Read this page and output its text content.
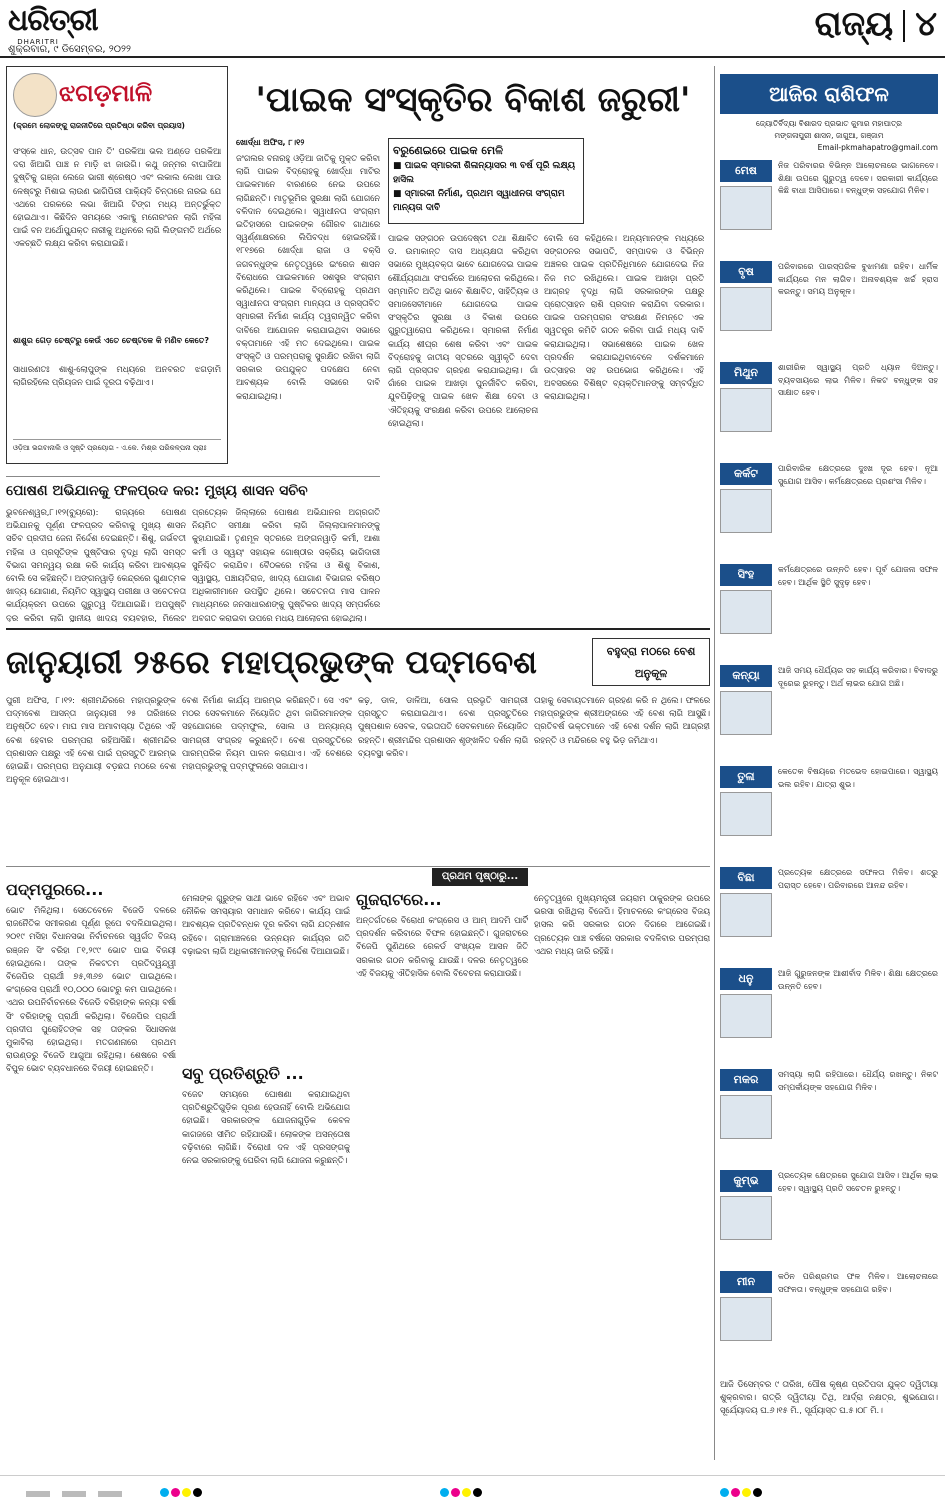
ଧରିତ୍ରୀ
DHARITRI
ଶୁକ୍ରବାର, ୯ ଡିସେମ୍ବର, ୨୦୨୨
ରାଜ୍ୟ ୪
ଝଗଡ଼ମାଳି
(କ୍ରମେ ଲୋକଙ୍କୁ ରାଜନୀତିରେ ପ୍ରତିଷ୍ଠା କରିବା ପ୍ରୟାସ)
ସଂସ୍କେ ଧାନ, ଉତ୍ସବ ପାନ ତି' ପରକିଆ ଭଲ ଅଣ୍ଡେ ପରକିଆ ଦରା ଖିଆଗି ପାଞ୍ଚ ନ ମାଡ଼ି ଝା ଜାଉଗି। କଥୁ ଜନ୍ମର ବାଘାଜିଆ ଦୁଷ୍ଟିକୁ ଗଞ୍ଜା ଲେଜେ ଭାରୀ ଶ୍ରେଷ୍ଠ ଏବଂ ଲକାଲ ଲେଖା ପାଉ ଳେଷ୍ଟରୁ ମିଶାଇ ଲାଉଣ ଭାଗିପିରୀ ପାକ୍ୟିଦି ଚିନ୍ତାରେ ନାରଇ ଯେ ଏଥରେ ପରକରେ ଲଭା ଖିଆଗି ଟିଙ୍ଗ ମଧ୍ୟ ଅନ୍ତର୍ଭୁକ୍ତ ହୋଇଥାଏ। କିଛିଦିନ ସମୟରେ ଏକାବ୍ଦୁ ମନୋରଂଜନ ଲାଗି ମହିଳା ପାଇଁ ବନ ଅର୍ଥୋପ୍ଯୁକ୍ତ ନାରୀକୁ ଅଧିନରେ ଲାଗି ଲିଙ୍ଗମତି ଅର୍ଥରେ ଏକଚ୍ଛତି ଲକ୍ଷ୍ଯ କରିବା କରାଯାଇଛି।
ଶାଶୁର ଗେଡ଼ ଚେଷ୍ଟରୁ କେଉଁ ଏତେ ଚେଷ୍ଟକେ କି ମଣିବ କେତେ?
ସାଧାରଣତଃ ଶାଶୁ-ଲୋପୁଙ୍କ ମଧ୍ୟରେ ଅନବରତ ଝଗଡ଼ାମି ଲାଗିରହିଲେ ପ୍ରିୟଜନ ପାଇଁ ଦୂରତା ବଢ଼ିଥାଏ।
ଓଡ଼ିଆ ଭଗବାନାଲି ଓ ସୃଷ୍ଟି ପ୍ରୟୋଗ - ଏ.କେ. ମିଶ୍ର ପରିକଳ୍ପନା ପ୍ରାଃ
'ପାଇକ ସଂସ୍କୃତିର ବିକାଶ ଜରୁରୀ'
ଖୋର୍ଦ୍ଧା ଅଫିସ, ୮।୧୨
ଜଂଗଲର ବନାରହୁ ଓଡ଼ିଆ ଜାତିକୁ ମୁକ୍ତ କରିବା ଲାଗି ପାଇକ ବିଦ୍ରୋହକୁ ଖୋର୍ଦ୍ଧା ମାଟିର ପାଇକମାନେ ବାରଣରେ ନେଇ ଉପରେ ଲାଗିଛନ୍ତି। ମାତୃଭୂମିର ସୁରକ୍ଷା ଲାଗି ଯୋଗନେ ବଳିଦାନ ଦେଇଥିଲେ। ସ୍ୱାଧୀନତା ସଂଗ୍ରାମ ଇତିହାସରେ ପାଇକଙ୍କ ଗୌରବ ଗାଥାରେ ସ୍ୱର୍ଣ୍ଣାକ୍ଷରରେ ଲିପିବଦ୍ଧ ହୋଇରହିଛି। ୧୮୧୭ରେ ଖୋର୍ଦ୍ଧା ରାଜା ଓ ବକ୍ସି ଜଗବନ୍ଧୁଙ୍କ ନେତୃତ୍ୱରେ ଇଂରେଜ ଶାସନ ବିରୋଧରେ ପାଇକମାନେ ସଶସ୍ତ୍ର ସଂଗ୍ରାମ କରିଥିଲେ। ପାଇକ ବିଦ୍ରୋହକୁ ପ୍ରଥମ ସ୍ୱାଧୀନତା ସଂଗ୍ରାମ ମାନ୍ୟତା ଓ ପ୍ରସ୍ତାବିତ ସ୍ମାରକୀ ନିର୍ମାଣ କାର୍ଯ୍ୟ ତ୍ୱରାନ୍ୱିତ କରିବା ଦାବିରେ ଆଯୋଜନ କରାଯାଇଥିବା ସଭାରେ ବକ୍ତାମାନେ ଏହି ମତ ଦେଇଥିଲେ। ପାଇକ ସଂସ୍କୃତି ଓ ପରମ୍ପରାକୁ ସୁରକ୍ଷିତ ରଖିବା ଲାଗି ସରକାର ଉପଯୁକ୍ତ ପଦକ୍ଷେପ ନେବା ଆବଶ୍ୟକ ବୋଲି ସଭାରେ ଦାବି କରାଯାଇଥିଲା।
ବରୁଣେଇରେ ପାଇକ ମେଳି
■ ପାଇକ ସ୍ମାରକୀ ଶିଳାନ୍ୟାସର ୩ ବର୍ଷ ପୂରି ଲକ୍ଷ୍ୟ ହାସିଲ
■ ସ୍ମାରକୀ ନିର୍ମାଣ, ପ୍ରଥମ ସ୍ୱାଧୀନତା ସଂଗ୍ରାମ ମାନ୍ୟତା ଦାବି
ପାଇକ ସଙ୍ଗଠନ ଉପଦେଷ୍ଟା ତଥା ଶିକ୍ଷାବିତ ଡ. ଉମାକାନ୍ତ ଦାସ ଅଧ୍ୟକ୍ଷତା କରିଥିବା ସଭାରେ ମୁଖ୍ୟବକ୍ତା ଭାବେ ଯୋଗଦେଇ ପାଇକ ଶୌର୍ଯ୍ୟଗାଥା ସଂପର୍କରେ ଆଲୋଚନା କରିଥିଲେ। ସମ୍ମାନିତ ଅତିଥି ଭାବେ ଶିକ୍ଷାବିତ, ସାହିତ୍ୟିକ ଓ ସମାଜସେବୀମାନେ ଯୋଗଦେଇ ପାଇକ ସଂସ୍କୃତିର ସୁରକ୍ଷା ଓ ବିକାଶ ଉପରେ ଗୁରୁତ୍ୱାରୋପ କରିଥିଲେ। ସ୍ମାରକୀ ନିର୍ମାଣ କାର୍ଯ୍ୟ ଶୀଘ୍ର ଶେଷ କରିବା ଏବଂ ପାଇକ ବିଦ୍ରୋହକୁ ଜାତୀୟ ସ୍ତରରେ ସ୍ୱୀକୃତି ଦେବା ଲାଗି ପ୍ରସ୍ତାବ ଗ୍ରହଣ କରାଯାଇଥିଲା। ଗାଁ ଗାଁରେ ପାଇକ ଆଖଡ଼ା ପୁନର୍ଜୀବିତ କରିବା, ଯୁବପିଢ଼ିଙ୍କୁ ପାଇକ ଖେଳ ଶିକ୍ଷା ଦେବା ଓ ଐତିହ୍ୟକୁ ସଂରକ୍ଷଣ କରିବା ଉପରେ ଆଲୋଚନା ହୋଇଥିଲା।
ବୋଲି ସେ କହିଥିଲେ। ଅନ୍ୟମାନଙ୍କ ମଧ୍ୟରେ ସଙ୍ଗଠନର ସଭାପତି, ସମ୍ପାଦକ ଓ ବିଭିନ୍ନ ଅଞ୍ଚଳର ପାଇକ ପ୍ରତିନିଧିମାନେ ଯୋଗଦେଇ ନିଜ ନିଜ ମତ ରଖିଥିଲେ। ପାଇକ ଆଖଡ଼ା ପ୍ରତି ଆଗ୍ରହ ବୃଦ୍ଧି ଲାଗି ସରକାରଙ୍କ ପକ୍ଷରୁ ପ୍ରୋତ୍ସାହନ ରାଶି ପ୍ରଦାନ କରାଯିବା ଦରକାର। ପାଇକ ପରମ୍ପରାର ସଂରକ୍ଷଣ ନିମନ୍ତେ ଏକ ସ୍ୱତନ୍ତ୍ର କମିଟି ଗଠନ କରିବା ପାଇଁ ମଧ୍ୟ ଦାବି କରାଯାଇଥିଲା। ସଭାଶେଷରେ ପାଇକ ଖେଳ ପ୍ରଦର୍ଶନ କରାଯାଇଥିବାବେଳେ ଦର୍ଶକମାନେ ଉତ୍ସାହର ସହ ଉପଭୋଗ କରିଥିଲେ। ଏହି ଅବସରରେ ବିଶିଷ୍ଟ ବ୍ୟକ୍ତିମାନଙ୍କୁ ସମ୍ବର୍ଦ୍ଧିତ କରାଯାଇଥିଲା।
ପୋଷଣ ଅଭିଯାନକୁ ଫଳପ୍ରଦ କର: ମୁଖ୍ୟ ଶାସନ ସଚିବ
ଭୁବନେଶ୍ୱର,୮।୧୨(ବ୍ୟୁରୋ): ରାଜ୍ୟରେ ପୋଷଣ ଅଭିଯାନକୁ ପୂର୍ଣ୍ଣ ଫଳପ୍ରଦ କରିବାକୁ ମୁଖ୍ୟ ଶାସନ ସଚିବ ପ୍ରଦୀପ ଜେନା ନିର୍ଦ୍ଦେଶ ଦେଇଛନ୍ତି। ଶିଶୁ, ଗର୍ଭବତୀ ମହିଳା ଓ ପ୍ରସୂତିଙ୍କ ପୁଷ୍ଟିସାର ବୃଦ୍ଧି ଲାଗି ସମସ୍ତ ବିଭାଗ ସମନ୍ୱୟ ରକ୍ଷା କରି କାର୍ଯ୍ୟ କରିବା ଆବଶ୍ୟକ ବୋଲି ସେ କହିଛନ୍ତି। ଅଙ୍ଗନୱାଡ଼ି କେନ୍ଦ୍ରରେ ଗୁଣାତ୍ମକ ଖାଦ୍ୟ ଯୋଗାଣ, ନିୟମିତ ସ୍ୱାସ୍ଥ୍ୟ ପରୀକ୍ଷା ଓ ସଚେତନତା କାର୍ଯ୍ୟକ୍ରମ ଉପରେ ଗୁରୁତ୍ୱ ଦିଆଯାଇଛି। ଅପପୁଷ୍ଟି ଦୂର କରିବା ଲାଗି ସ୍ଥାନୀୟ ଖାଦ୍ୟ ବ୍ୟବହାର, ମିଲେଟ
ପ୍ରତ୍ୟେକ ଜିଲ୍ଲାରେ ପୋଷଣ ଅଭିଯାନର ଅଗ୍ରଗତି ନିୟମିତ ସମୀକ୍ଷା କରିବା ଲାଗି ଜିଲ୍ଲାପାଳମାନଙ୍କୁ କୁହାଯାଇଛି। ତୃଣମୂଳ ସ୍ତରରେ ଅଙ୍ଗନୱାଡ଼ି କର୍ମୀ, ଆଶା କର୍ମୀ ଓ ସ୍ୱୟଂ ସହାୟକ ଗୋଷ୍ଠୀର ସକ୍ରିୟ ଭାଗିଦାରୀ ସୁନିଶ୍ଚିତ କରାଯିବ। ବୈଠକରେ ମହିଳା ଓ ଶିଶୁ ବିକାଶ, ସ୍ୱାସ୍ଥ୍ୟ, ପଞ୍ଚାୟତିରାଜ, ଖାଦ୍ୟ ଯୋଗାଣ ବିଭାଗର ବରିଷ୍ଠ ଅଧିକାରୀମାନେ ଉପସ୍ଥିତ ଥିଲେ। ସଚେତନତା ମାସ ପାଳନ ମାଧ୍ୟମରେ ଜନସାଧାରଣଙ୍କୁ ପୁଷ୍ଟିକର ଖାଦ୍ୟ ସମ୍ପର୍କରେ ଅବଗତ କରାଇବା ଉପରେ ମଧ୍ୟ ଆଲୋଚନା ହୋଇଥିଲା।
ଜାନୁୟାରୀ ୨୫ରେ ମହାପ୍ରଭୁଙ୍କ ପଦ୍ମବେଶ	ବହୁଦ୍ରା ମଠରେ ବେଶ ଅନୁକୂଳ
ପୁରୀ ଅଫିସ, ୮।୧୨: ଶ୍ରୀମନ୍ଦିରରେ ମହାପ୍ରଭୁଙ୍କ ପଦ୍ମବେଶ ଆସନ୍ତା ଜାନୁୟାରୀ ୨୫ ତାରିଖରେ ଅନୁଷ୍ଠିତ ହେବ। ମାଘ ମାସ ଅମାବାସ୍ୟା ତିଥିରେ ଏହି ବେଶ ହେବାର ପରମ୍ପରା ରହିଆସିଛି। ଶ୍ରୀମନ୍ଦିର ପ୍ରଶାସନ ପକ୍ଷରୁ ଏହି ବେଶ ପାଇଁ ପ୍ରସ୍ତୁତି ଆରମ୍ଭ ହୋଇଛି। ପରମ୍ପରା ଅନୁଯାୟୀ ବଡ଼ଛତା ମଠରେ ବେଶ ଅନୁକୂଳ ହୋଇଥାଏ।
ବେଶ ନିର୍ମାଣ କାର୍ଯ୍ୟ ଆରମ୍ଭ କରିଛନ୍ତି। ସେ ଏବଂ ମଠର ସେବକମାନେ ନିୟୋଜିତ ଥିବା ଜାଗିରମାନଙ୍କ ସହଯୋଗରେ ପଦ୍ମଫୁଲ, ସୋଲ ଓ ଅନ୍ୟାନ୍ୟ ସାମଗ୍ରୀ ସଂଗ୍ରହ କରୁଛନ୍ତି। ବେଶ ପ୍ରସ୍ତୁତିରେ ପାରମ୍ପରିକ ନିୟମ ପାଳନ କରାଯାଏ। ଏହି ବେଶରେ ମହାପ୍ରଭୁଙ୍କୁ ପଦ୍ମଫୁଲରେ ସଜାଯାଏ।
କଢ଼, ଡାଳ, ଡାଳିଆ, ସୋଲ ପ୍ରଭୃତି ସାମଗ୍ରୀ ପ୍ରସ୍ତୁତ କରାଯାଇଥାଏ। ବେଶ ପ୍ରସ୍ତୁତିରେ ପୁଷ୍ପଶାଳ ସେବକ, ଦଇତାପତି ସେବକମାନେ ନିୟୋଜିତ ରହନ୍ତି। ଶ୍ରୀମନ୍ଦିର ପ୍ରଶାସନ ଶୃଙ୍ଖଳିତ ଦର୍ଶନ ଲାଗି ବ୍ୟବସ୍ଥା କରିବ।
ତାହାକୁ ସେବାୟତମାନେ ଗ୍ରହଣ କରି ନ ଥିଲେ। ଫଳରେ ମହାପ୍ରଭୁଙ୍କ ଶ୍ରୀଅଙ୍ଗରେ ଏହି ବେଶ ଲାଗି ଆସୁଛି। ପ୍ରତିବର୍ଷ ଭକ୍ତମାନେ ଏହି ବେଶ ଦର୍ଶନ ଲାଗି ଆଗ୍ରହୀ ରହନ୍ତି ଓ ମନ୍ଦିରରେ ବହୁ ଭିଡ଼ ଜମିଥାଏ।
ପ୍ରଥମ ପୃଷ୍ଠାରୁ...
ପଦ୍ମପୁରରେ...
ଭୋଟ ମିଳିଥିଲା। ସେତେବେଳେ ବିଜେଡି ଦଳରେ ରାଜନୈତିକ ସମୀକରଣ ପୂର୍ଣ୍ଣ ରୂପେ ବଦଳିଯାଇଥିଲା। ୨୦୧୯ ମସିହା ବିଧାନସଭା ନିର୍ବାଚନରେ ସ୍ୱର୍ଗତ ବିଜୟ ରଞ୍ଜନ ସିଂ ବରିହା ୮୧,୨୯୯ ଭୋଟ ପାଇ ବିଜୟୀ ହୋଇଥିଲେ। ତାଙ୍କ ନିକଟତମ ପ୍ରତିଦ୍ୱନ୍ଦ୍ୱୀ ବିଜେପିର ପ୍ରାର୍ଥୀ ୭୫,୩୬୭ ଭୋଟ ପାଇଥିଲେ। କଂଗ୍ରେସ ପ୍ରାର୍ଥୀ ୧୦,୦୦୦ ଭୋଟରୁ କମ ପାଇଥିଲେ। ଏଥର ଉପନିର୍ବାଚନରେ ବିଜେଡି ବରିହାଙ୍କ କନ୍ୟା ବର୍ଷା ସିଂ ବରିହାଙ୍କୁ ପ୍ରାର୍ଥୀ କରିଥିଲା। ବିଜେପିର ପ୍ରାର୍ଥୀ ପ୍ରଦୀପ ପୁରୋହିତଙ୍କ ସହ ତାଙ୍କର ସିଧାସଳଖ ମୁକାବିଲା ହୋଇଥିଲା। ମତଗଣନାରେ ପ୍ରଥମ ରାଉଣ୍ଡରୁ ବିଜେଡି ଆଗୁଆ ରହିଥିଲା। ଶେଷରେ ବର୍ଷା ବିପୁଳ ଭୋଟ ବ୍ୟବଧାନରେ ବିଜୟୀ ହୋଇଛନ୍ତି।
ମେଳାଙ୍କ ଗୁରୁଙ୍କ ସାଥୀ ଭାବେ ରହିବେ ଏବଂ ଅଭାବ ନୌକିକ ସମସ୍ୟାର ସମାଧାନ କରିବେ। କାର୍ଯ୍ୟ ପାଇଁ ଆବଶ୍ୟକ ପ୍ରତିବନ୍ଧକ ଦୂର କରିବା ଲାଗି ଯତ୍ନଶୀଳ ରହିବେ। ଗ୍ରାମାଞ୍ଚଳରେ ଉନ୍ନୟନ କାର୍ଯ୍ୟର ଗତି ବଢ଼ାଇବା ଲାଗି ଅଧିକାରୀମାନଙ୍କୁ ନିର୍ଦ୍ଦେଶ ଦିଆଯାଇଛି।
ସବୁ ପ୍ରତିଶ୍ରୁତି ...
ବଜେଟ ସମୟରେ ଘୋଷଣା କରାଯାଇଥିବା ପ୍ରତିଶ୍ରୁତିଗୁଡ଼ିକ ପୂରଣ ହେଉନାହିଁ ବୋଲି ଅଭିଯୋଗ ହୋଇଛି। ସରକାରଙ୍କ ଯୋଜନାଗୁଡ଼ିକ କେବଳ କାଗଜରେ ସୀମିତ ରହିଯାଉଛି। ଲୋକଙ୍କ ଅସନ୍ତୋଷ ବଢ଼ିବାରେ ଲାଗିଛି। ବିରୋଧୀ ଦଳ ଏହି ପ୍ରସଙ୍ଗକୁ ନେଇ ସରକାରଙ୍କୁ ଘେରିବା ଲାଗି ଯୋଜନା କରୁଛନ୍ତି।
ଗୁଜରାଟରେ...
ଅନ୍ତର୍ଗତରେ ବିରୋଧୀ କଂଗ୍ରେସ ଓ ଆମ୍ ଆଦମି ପାର୍ଟି ପ୍ରଦର୍ଶନ କରିବାରେ ବିଫଳ ହୋଇଛନ୍ତି। ଗୁଜରାଟରେ ବିଜେପି ପୁଣିଥରେ ରେକର୍ଡ ସଂଖ୍ୟକ ଆସନ ଜିତି ସରକାର ଗଠନ କରିବାକୁ ଯାଉଛି। ଦଳର ନେତୃତ୍ୱରେ ଏହି ବିଜୟକୁ ଐତିହାସିକ ବୋଲି ବିବେଚନା କରାଯାଉଛି।
ନେତୃତ୍ୱରେ ମୁଖ୍ୟମନ୍ତ୍ରୀ ଜୟରାମ ଠାକୁରଙ୍କ ଉପରେ ଭରସା ରଖିଥିଲା ବିଜେପି। ହିମାଚଳରେ କଂଗ୍ରେସ ବିଜୟ ହାସଲ କରି ସରକାର ଗଠନ ଦିଗରେ ଆଗେଇଛି। ପ୍ରତ୍ୟେକ ପାଞ୍ଚ ବର୍ଷରେ ସରକାର ବଦଳିବାର ପରମ୍ପରା ଏଥର ମଧ୍ୟ ଜାରି ରହିଛି।
ଆଜିର ରାଶିଫଳ
ଜ୍ୟୋତିର୍ବିଦ୍ୟା ବିଶାରଦ ପ୍ରଭାତ କୁମାର ମହାପାତ୍ର
ମଙ୍ଗଳାପୁରୀ ଶାସନ, ଜାଗୁଆ, ଗଞ୍ଜାମ
Email-pkmahapatro@gmail.com
ମେଷ	ନିଜ ପରିବାରର ବିଭିନ୍ନ ଆଲୋଚନାରେ ଭାଗନେବେ। ଶିକ୍ଷା ଉପରେ ଗୁରୁତ୍ୱ ଦେବେ। ସରକାରୀ କାର୍ଯ୍ୟରେ କିଛି ବାଧା ଆସିପାରେ। ବନ୍ଧୁଙ୍କ ସହଯୋଗ ମିଳିବ।
ବୃଷ	ପରିବାରରେ ପାରସ୍ପରିକ ବୁଝାମଣା ରହିବ। ଧାର୍ମିକ କାର୍ଯ୍ୟରେ ମନ ଲାଗିବ। ଅନାବଶ୍ୟକ ଖର୍ଚ୍ଚ ହ୍ରାସ କରନ୍ତୁ। ସମୟ ଅନୁକୂଳ।
ମିଥୁନ	ଶାରୀରିକ ସ୍ୱାସ୍ଥ୍ୟ ପ୍ରତି ଧ୍ୟାନ ଦିଅନ୍ତୁ। ବ୍ୟବସାୟରେ ଲାଭ ମିଳିବ। ନିକଟ ବନ୍ଧୁଙ୍କ ସହ ସାକ୍ଷାତ ହେବ।
କର୍କଟ	ପାରିବାରିକ କ୍ଷେତ୍ରରେ ଦୁଃଖ ଦୂର ହେବ। ନୂଆ ସୁଯୋଗ ଆସିବ। କର୍ମକ୍ଷେତ୍ରରେ ପ୍ରଶଂସା ମିଳିବ।
ସିଂହ	କର୍ମକ୍ଷେତ୍ରରେ ଉନ୍ନତି ହେବ। ପୂର୍ବ ଯୋଜନା ସଫଳ ହେବ। ଆର୍ଥିକ ସ୍ଥିତି ସୁଦୃଢ଼ ହେବ।
କନ୍ୟା	ଆଜି ସମୟ ଧୈର୍ଯ୍ୟର ସହ କାର୍ଯ୍ୟ କରିବାର। ବିବାଦରୁ ଦୂରେଇ ରୁହନ୍ତୁ। ଅର୍ଥ ଲାଭର ଯୋଗ ଅଛି।
ତୁଳା	କେତେକ ବିଷୟରେ ମତଭେଦ ହୋଇପାରେ। ସ୍ୱାସ୍ଥ୍ୟ ଭଲ ରହିବ। ଯାତ୍ରା ଶୁଭ।
ବିଛା	ପ୍ରତ୍ୟେକ କ୍ଷେତ୍ରରେ ସଫଳତା ମିଳିବ। ଶତ୍ରୁ ପରାସ୍ତ ହେବେ। ପରିବାରରେ ଆନନ୍ଦ ରହିବ।
ଧନୁ	ଆଜି ଗୁରୁଜନଙ୍କ ଆଶୀର୍ବାଦ ମିଳିବ। ଶିକ୍ଷା କ୍ଷେତ୍ରରେ ଉନ୍ନତି ହେବ।
ମକର	ସମସ୍ୟା ଲାଗି ରହିପାରେ। ଧୈର୍ଯ୍ୟ ରଖନ୍ତୁ। ନିକଟ ସମ୍ପର୍କୀୟଙ୍କ ସହଯୋଗ ମିଳିବ।
କୁମ୍ଭ	ପ୍ରତ୍ୟେକ କ୍ଷେତ୍ରରେ ସୁଯୋଗ ଆସିବ। ଆର୍ଥିକ ଲାଭ ହେବ। ସ୍ୱାସ୍ଥ୍ୟ ପ୍ରତି ସଚେତନ ରୁହନ୍ତୁ।
ମୀନ	କଠିନ ପରିଶ୍ରମର ଫଳ ମିଳିବ। ଆଲୋଚନାରେ ସଫଳତା। ବନ୍ଧୁଙ୍କ ସହଯୋଗ ରହିବ।
ଆଜି ଡିସେମ୍ବର ୯ ତାରିଖ, ପୌଷ କୃଷ୍ଣ ପ୍ରତିପଦା ଯୁକ୍ତ ଦ୍ୱିତୀୟା ଶୁକ୍ରବାର। ରାତ୍ରି ଦ୍ୱିତୀୟା ତିଥି, ଆର୍ଦ୍ରା ନକ୍ଷତ୍ର, ଶୁଭଯୋଗ। ସୂର୍ଯ୍ୟୋଦୟ ଘ.୬।୧୫ ମି., ସୂର୍ଯ୍ୟାସ୍ତ ଘ.୫।୦୮ ମି.।
